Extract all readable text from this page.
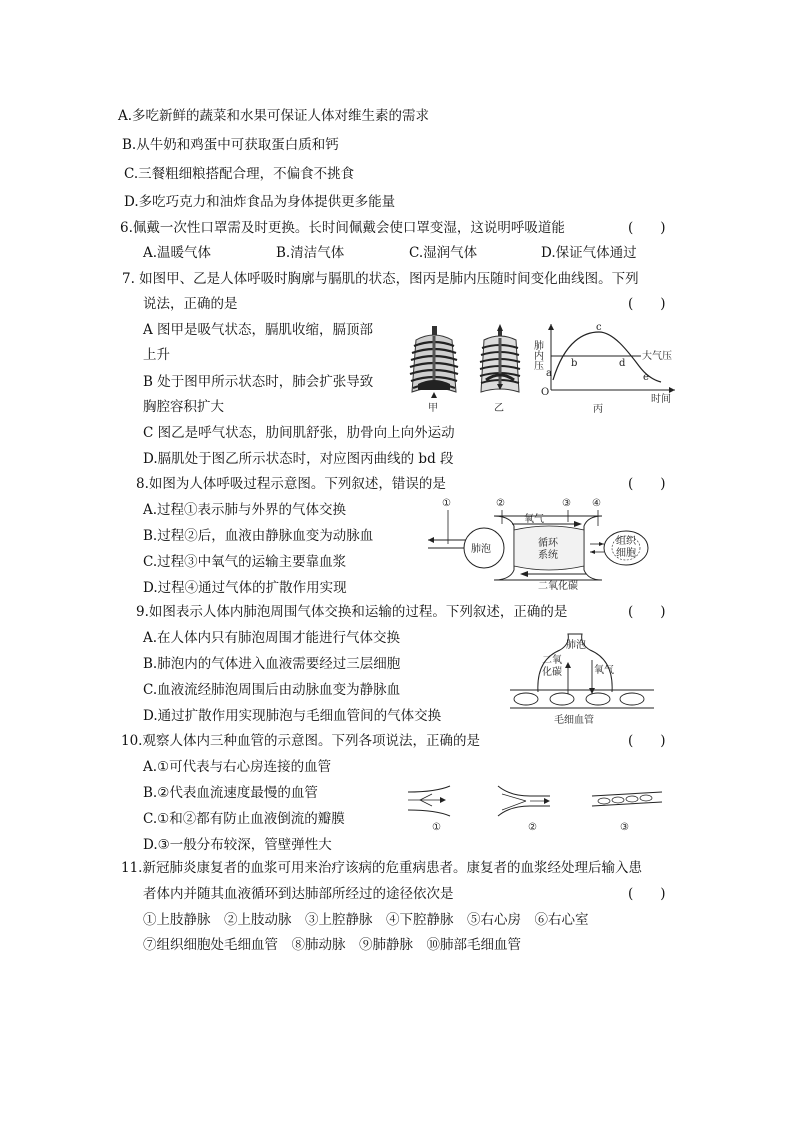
A.多吃新鲜的蔬菜和水果可保证人体对维生素的需求
B.从牛奶和鸡蛋中可获取蛋白质和钙
C.三餐粗细粮搭配合理，不偏食不挑食
D.多吃巧克力和油炸食品为身体提供更多能量
6.佩戴一次性口罩需及时更换。长时间佩戴会使口罩变湿，这说明呼吸道能	(　　)
A.温暖气体	B.清洁气体	C.湿润气体	D.保证气体通过
7. 如图甲、乙是人体呼吸时胸廓与膈肌的状态，图丙是肺内压随时间变化曲线图。下列
说法，正确的是	(　　)
A 图甲是吸气状态，膈肌收缩，膈顶部
上升
B 处于图甲所示状态时，肺会扩张导致
胸腔容积扩大
C 图乙是呼气状态，肋间肌舒张，肋骨向上向外运动
D.膈肌处于图乙所示状态时，对应图丙曲线的 bd 段
甲	乙
肺内压	大气压
O
a
b
c
d
e
丙
时间
8.如图为人体呼吸过程示意图。下列叙述，错误的是	(　　)
A.过程①表示肺与外界的气体交换
B.过程②后，血液由静脉血变为动脉血
C.过程③中氧气的运输主要靠血浆
D.过程④通过气体的扩散作用实现
①	②	③ ④
肺泡
氧气
循环
系统
二氧化碳
组织
细胞
9.如图表示人体内肺泡周围气体交换和运输的过程。下列叙述，正确的是	(　　)
A.在人体内只有肺泡周围才能进行气体交换
B.肺泡内的气体进入血液需要经过三层细胞
C.血液流经肺泡周围后由动脉血变为静脉血
D.通过扩散作用实现肺泡与毛细血管间的气体交换
肺泡
二氧
化碳	氧气
毛细血管
10.观察人体内三种血管的示意图。下列各项说法，正确的是	(　　)
A.①可代表与右心房连接的血管
B.②代表血流速度最慢的血管
C.①和②都有防止血液倒流的瓣膜
D.③一般分布较深，管壁弹性大
①	②	③
11.新冠肺炎康复者的血浆可用来治疗该病的危重病患者。康复者的血浆经处理后输入患
者体内并随其血液循环到达肺部所经过的途径依次是	(　　)
①上肢静脉　②上肢动脉　③上腔静脉　④下腔静脉　⑤右心房　⑥右心室
⑦组织细胞处毛细血管　⑧肺动脉　⑨肺静脉　⑩肺部毛细血管
